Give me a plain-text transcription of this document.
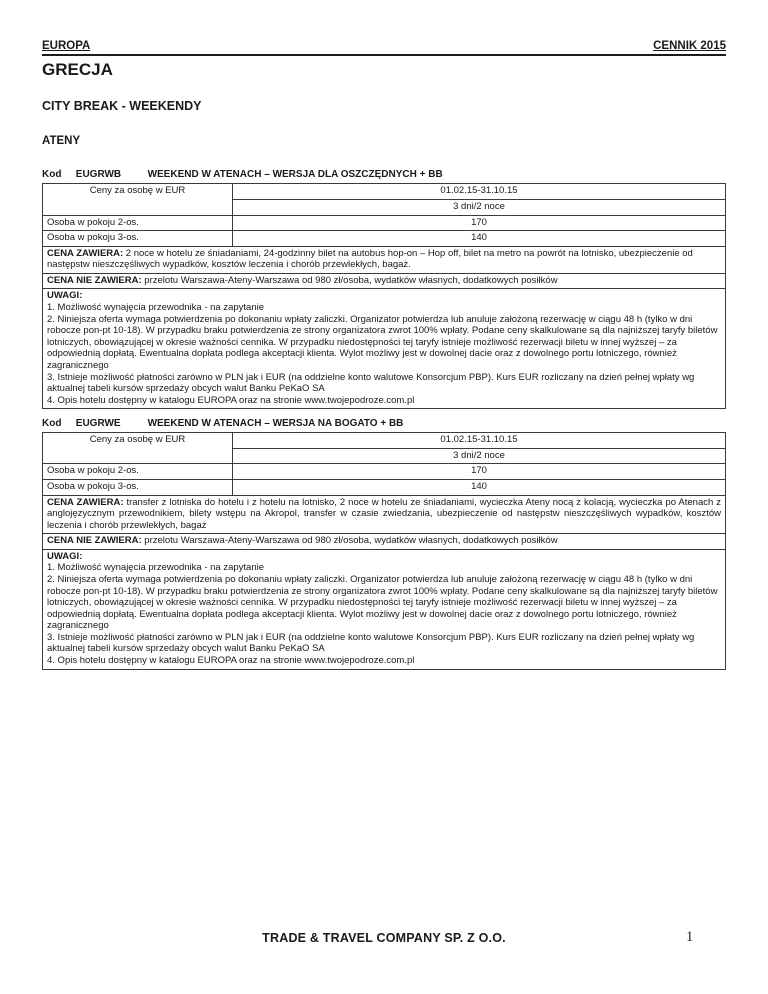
EUROPA	CENNIK 2015
GRECJA
CITY BREAK - WEEKENDY
ATENY
Kod EUGRWB	WEEKEND W ATENACH – WERSJA DLA OSZCZĘDNYCH + BB
Ceny za osobę w EUR	01.02.15-31.10.15
	3 dni/2 noce
Osoba w pokoju 2-os.	170
Osoba w pokoju 3-os.	140
CENA ZAWIERA: 2 noce w hotelu ze śniadaniami, 24-godzinny bilet na autobus hop-on – Hop off, bilet na metro na powrót na lotnisko, ubezpieczenie od następstw nieszczęśliwych wypadków, kosztów leczenia i chorób przewlekłych, bagaż.	
CENA NIE ZAWIERA: przelotu Warszawa-Ateny-Warszawa od 980 zł/osoba, wydatków własnych, dodatkowych posiłków	

UWAGI:
1. Możliwość wynajęcia przewodnika - na zapytanie
2. Niniejsza oferta wymaga potwierdzenia po dokonaniu wpłaty zaliczki. Organizator potwierdza lub anuluje założoną rezerwację w ciągu 48 h (tylko w dni robocze pon-pt 10-18). W przypadku braku potwierdzenia ze strony organizatora zwrot 100% wpłaty. Podane ceny skalkulowane są dla najniższej taryfy biletów lotniczych, obowiązującej w okresie ważności cennika. W przypadku niedostępności tej taryfy istnieje możliwość rezerwacji biletu w innej wyższej – za odpowiednią dopłatą. Ewentualna dopłata podlega akceptacji klienta. Wylot możliwy jest w dowolnej dacie oraz z dowolnego portu lotniczego, również zagranicznego
3. Istnieje możliwość płatności zarówno w PLN jak i EUR (na oddzielne konto walutowe Konsorcjum PBP). Kurs EUR rozliczany na dzień pełnej wpłaty wg aktualnej tabeli kursów sprzedaży obcych walut Banku PeKaO SA
4. Opis hotelu dostępny w katalogu EUROPA oraz na stronie www.twojepodroze.com.pl	
Kod EUGRWE	WEEKEND W ATENACH – WERSJA NA BOGATO + BB
Ceny za osobę w EUR	01.02.15-31.10.15
	3 dni/2 noce
Osoba w pokoju 2-os.	170
Osoba w pokoju 3-os.	140
CENA ZAWIERA: transfer z lotniska do hotelu i z hotelu na lotnisko, 2 noce w hotelu ze śniadaniami, wycieczka Ateny nocą z kolacją, wycieczka po Atenach z anglojęzycznym przewodnikiem, bilety wstępu na Akropol, transfer w czasie zwiedzania, ubezpieczenie od następstw nieszczęśliwych wypadków, kosztów leczenia i chorób przewlekłych, bagaż	
CENA NIE ZAWIERA: przelotu Warszawa-Ateny-Warszawa od 980 zł/osoba, wydatków własnych, dodatkowych posiłków	

UWAGI:
1. Możliwość wynajęcia przewodnika - na zapytanie
2. Niniejsza oferta wymaga potwierdzenia po dokonaniu wpłaty zaliczki. Organizator potwierdza lub anuluje założoną rezerwację w ciągu 48 h (tylko w dni robocze pon-pt 10-18). W przypadku braku potwierdzenia ze strony organizatora zwrot 100% wpłaty. Podane ceny skalkulowane są dla najniższej taryfy biletów lotniczych, obowiązującej w okresie ważności cennika. W przypadku niedostępności tej taryfy istnieje możliwość rezerwacji biletu w innej wyższej – za odpowiednią dopłatą. Ewentualna dopłata podlega akceptacji klienta. Wylot możliwy jest w dowolnej dacie oraz z dowolnego portu lotniczego, również zagranicznego
3. Istnieje możliwość płatności zarówno w PLN jak i EUR (na oddzielne konto walutowe Konsorcjum PBP). Kurs EUR rozliczany na dzień pełnej wpłaty wg aktualnej tabeli kursów sprzedaży obcych walut Banku PeKaO SA
4. Opis hotelu dostępny w katalogu EUROPA oraz na stronie www.twojepodroze.com.pl	
TRADE & TRAVEL COMPANY SP. Z O.O.	1
